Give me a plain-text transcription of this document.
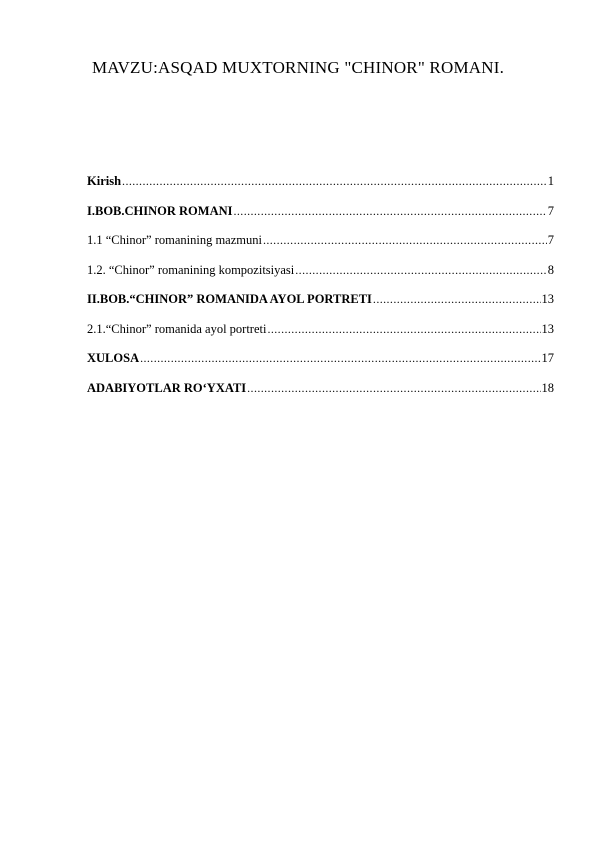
MAVZU:ASQAD MUXTORNING "CHINOR" ROMANI.
Kirish .....	1
I.BOB.CHINOR ROMANI .....	7
1.1 “Chinor” romanining mazmuni .....	7
1.2. “Chinor” romanining kompozitsiyasi .....	8
II.BOB.“CHINOR” ROMANIDA AYOL PORTRETI .....	13
2.1.“Chinor” romanida ayol portreti .....	13
XULOSA .....	17
ADABIYOTLAR RO‘YXATI .....	18
